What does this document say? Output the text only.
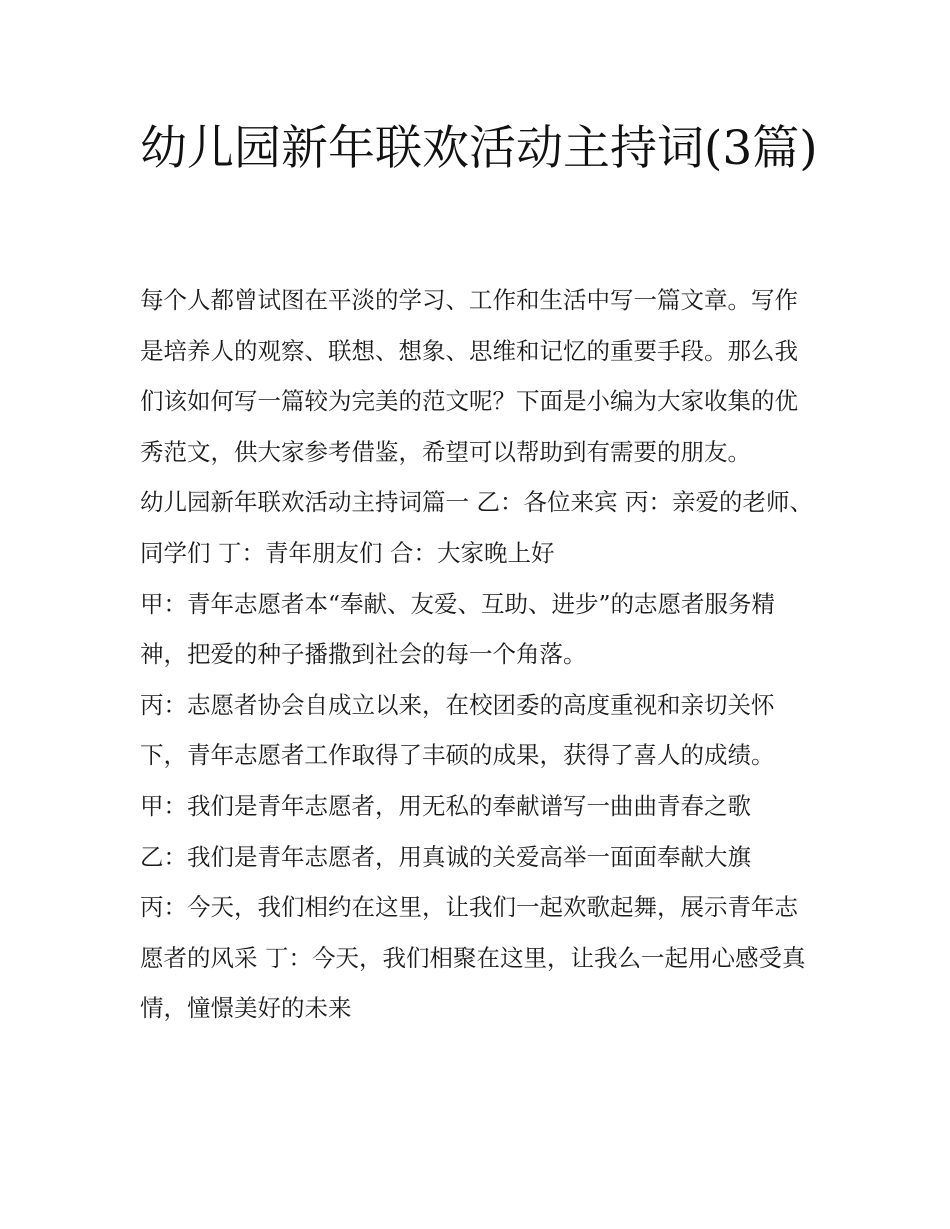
幼儿园新年联欢活动主持词(3篇)

每个人都曾试图在平淡的学习、工作和生活中写一篇文章。写作是培养人的观察、联想、想象、思维和记忆的重要手段。那么我们该如何写一篇较为完美的范文呢？下面是小编为大家收集的优秀范文，供大家参考借鉴，希望可以帮助到有需要的朋友。

幼儿园新年联欢活动主持词篇一 乙：各位来宾 丙：亲爱的老师、同学们 丁：青年朋友们 合：大家晚上好

甲：青年志愿者本“奉献、友爱、互助、进步”的志愿者服务精神，把爱的种子播撒到社会的每一个角落。

丙：志愿者协会自成立以来，在校团委的高度重视和亲切关怀下，青年志愿者工作取得了丰硕的成果，获得了喜人的成绩。

甲：我们是青年志愿者，用无私的奉献谱写一曲曲青春之歌

乙：我们是青年志愿者，用真诚的关爱高举一面面奉献大旗

丙：今天，我们相约在这里，让我们一起欢歌起舞，展示青年志愿者的风采 丁：今天，我们相聚在这里，让我么一起用心感受真情，憧憬美好的未来
